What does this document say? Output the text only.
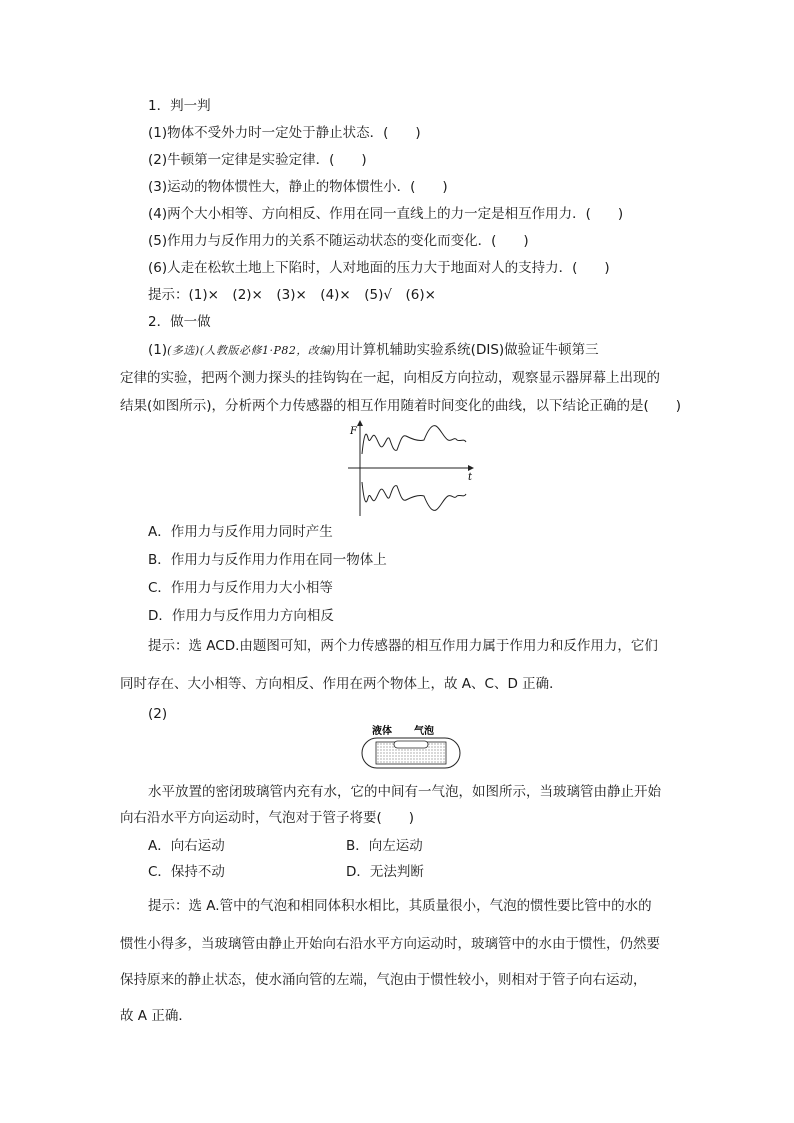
1．判一判
(1)物体不受外力时一定处于静止状态．(　　)
(2)牛顿第一定律是实验定律．(　　)
(3)运动的物体惯性大，静止的物体惯性小．(　　)
(4)两个大小相等、方向相反、作用在同一直线上的力一定是相互作用力．(　　)
(5)作用力与反作用力的关系不随运动状态的变化而变化．(　　)
(6)人走在松软土地上下陷时，人对地面的压力大于地面对人的支持力．(　　)
提示：(1)×　(2)×　(3)×　(4)×　(5)√　(6)×
2．做一做
(1)(多选)(人教版必修1·P82，改编)用计算机辅助实验系统(DIS)做验证牛顿第三
定律的实验，把两个测力探头的挂钩钩在一起，向相反方向拉动，观察显示器屏幕上出现的
结果(如图所示)，分析两个力传感器的相互作用随着时间变化的曲线，以下结论正确的是(　　)
F
t
A．作用力与反作用力同时产生
B．作用力与反作用力作用在同一物体上
C．作用力与反作用力大小相等
D．作用力与反作用力方向相反
提示：选 ACD.由题图可知，两个力传感器的相互作用力属于作用力和反作用力，它们
同时存在、大小相等、方向相反、作用在两个物体上，故 A、C、D 正确．
(2)
液体 气泡
水平放置的密闭玻璃管内充有水，它的中间有一气泡，如图所示，当玻璃管由静止开始
向右沿水平方向运动时，气泡对于管子将要(　　)
A．向右运动	B．向左运动
C．保持不动	D．无法判断
提示：选 A.管中的气泡和相同体积水相比，其质量很小，气泡的惯性要比管中的水的
惯性小得多，当玻璃管由静止开始向右沿水平方向运动时，玻璃管中的水由于惯性，仍然要
保持原来的静止状态，使水涌向管的左端，气泡由于惯性较小，则相对于管子向右运动，
故 A 正确．
